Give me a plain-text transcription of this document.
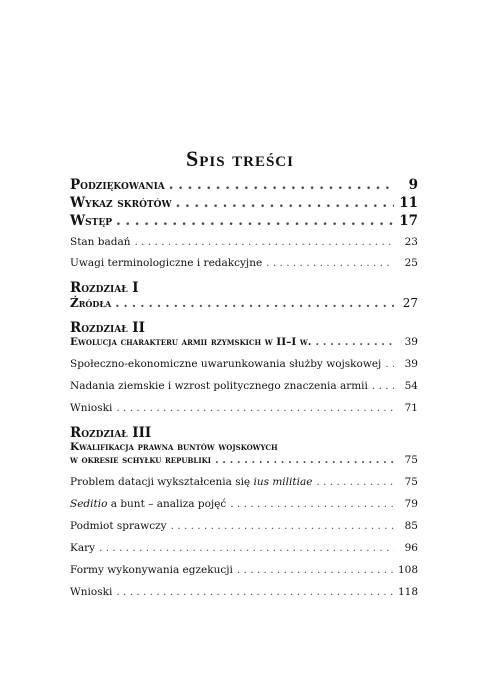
Spis treści
Podziękowania . . .	9
Wykaz skrótów . . .	11
Wstęp . . .	17
Stan badań . . .	23
Uwagi terminologiczne i redakcyjne . . .	25
Rozdział I
Źródła . . .	27
Rozdział II
Ewolucja charakteru armii rzymskich w II–I w. . . .	39
Społeczno-ekonomiczne uwarunkowania służby wojskowej . . .	39
Nadania ziemskie i wzrost politycznego znaczenia armii . . .	54
Wnioski . . .	71
Rozdział III
Kwalifikacja prawna buntów wojskowych
w okresie schyłku republiki . . .	75
Problem datacji wykształcenia się ius militiae . . .	75
Seditio a bunt – analiza pojęć . . .	79
Podmiot sprawczy . . .	85
Kary . . .	96
Formy wykonywania egzekucji . . .	108
Wnioski . . .	118
